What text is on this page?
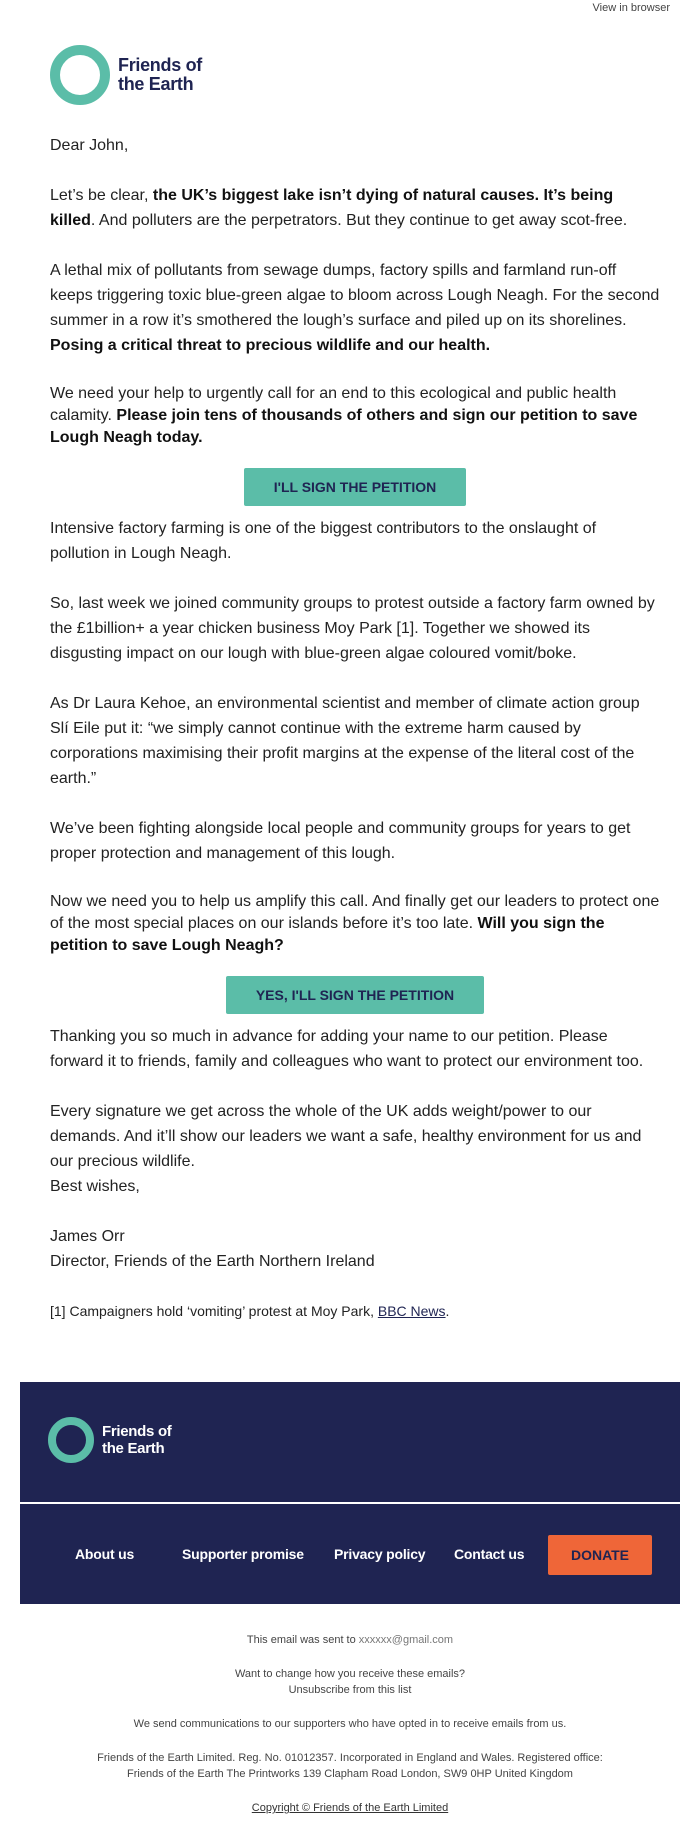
View in browser
Friends of
the Earth

Dear John,

Let’s be clear, the UK’s biggest lake isn’t dying of natural causes. It’s being killed. And polluters are the perpetrators. But they continue to get away scot-free.

A lethal mix of pollutants from sewage dumps, factory spills and farmland run-off keeps triggering toxic blue-green algae to bloom across Lough Neagh. For the second summer in a row it’s smothered the lough’s surface and piled up on its shorelines. Posing a critical threat to precious wildlife and our health.

We need your help to urgently call for an end to this ecological and public health calamity. Please join tens of thousands of others and sign our petition to save Lough Neagh today.

I'LL SIGN THE PETITION

Intensive factory farming is one of the biggest contributors to the onslaught of pollution in Lough Neagh.

So, last week we joined community groups to protest outside a factory farm owned by the £1billion+ a year chicken business Moy Park [1]. Together we showed its disgusting impact on our lough with blue-green algae coloured vomit/boke.

As Dr Laura Kehoe, an environmental scientist and member of climate action group Slí Eile put it: “we simply cannot continue with the extreme harm caused by corporations maximising their profit margins at the expense of the literal cost of the earth.”

We’ve been fighting alongside local people and community groups for years to get proper protection and management of this lough.

Now we need you to help us amplify this call. And finally get our leaders to protect one of the most special places on our islands before it’s too late. Will you sign the petition to save Lough Neagh?

YES, I'LL SIGN THE PETITION

Thanking you so much in advance for adding your name to our petition. Please forward it to friends, family and colleagues who want to protect our environment too.

Every signature we get across the whole of the UK adds weight/power to our demands. And it’ll show our leaders we want a safe, healthy environment for us and our precious wildlife.

Best wishes,

James Orr

Director, Friends of the Earth Northern Ireland

[1] Campaigners hold ‘vomiting’ protest at Moy Park, BBC News.

Friends of
the Earth
About us	Supporter promise Privacy policy Contact us	DONATE

This email was sent to xxxxxx@gmail.com

Want to change how you receive these emails?
Unsubscribe from this list

We send communications to our supporters who have opted in to receive emails from us.

Friends of the Earth Limited. Reg. No. 01012357. Incorporated in England and Wales. Registered office:
Friends of the Earth The Printworks 139 Clapham Road London, SW9 0HP United Kingdom

Copyright © Friends of the Earth Limited
